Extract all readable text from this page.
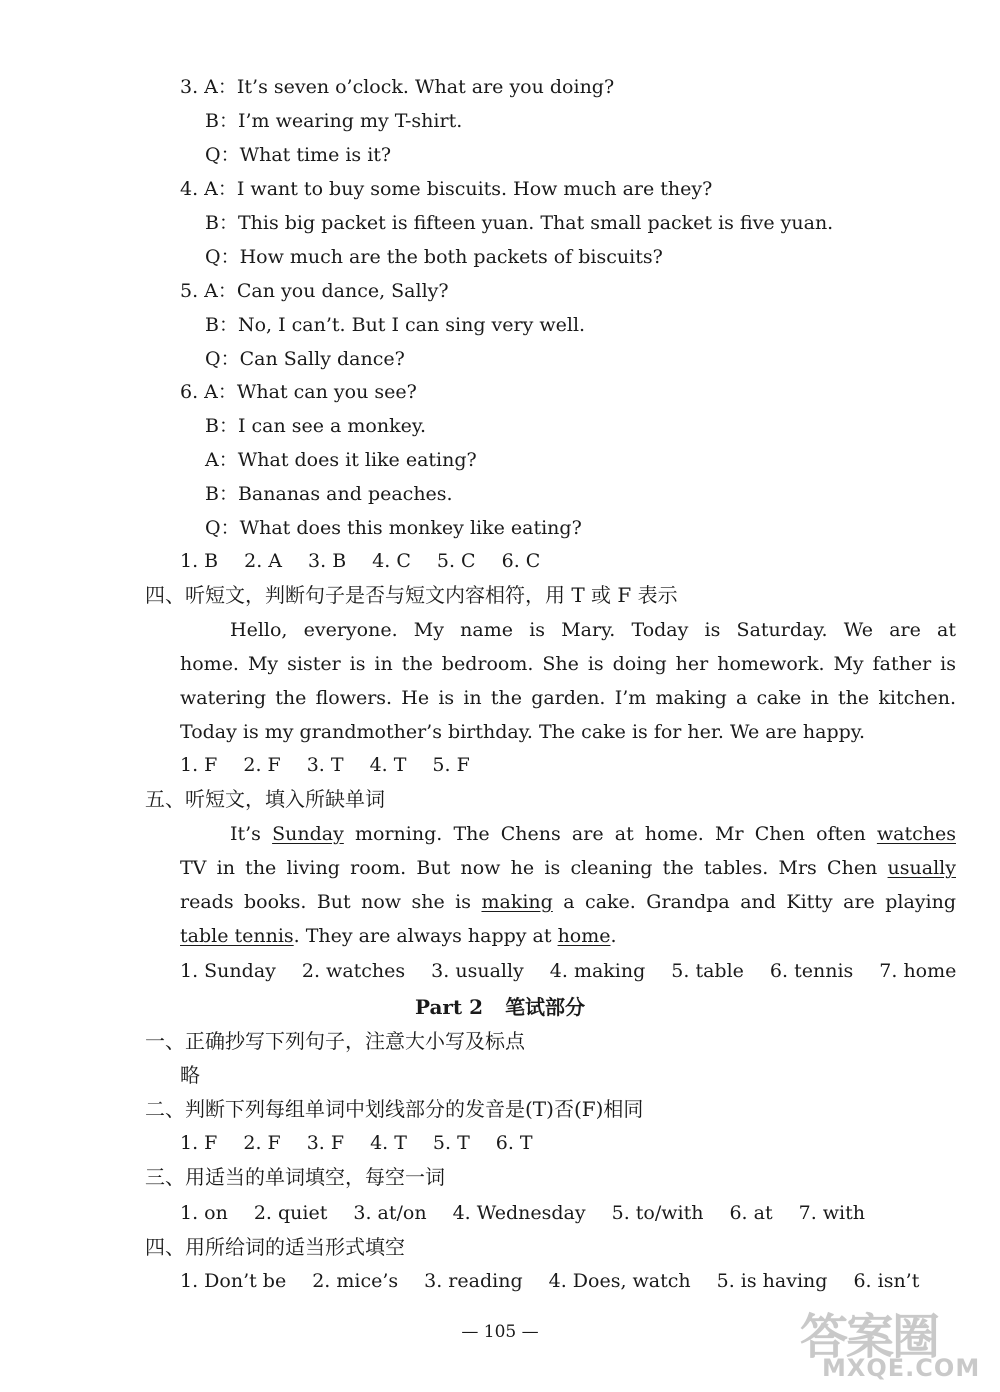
3. A：It’s seven o’clock. What are you doing?
B：I’m wearing my T-shirt.
Q：What time is it?
4. A：I want to buy some biscuits. How much are they?
B：This big packet is fifteen yuan. That small packet is five yuan.
Q：How much are the both packets of biscuits?
5. A：Can you dance, Sally?
B：No, I can’t. But I can sing very well.
Q：Can Sally dance?
6. A：What can you see?
B：I can see a monkey.
A：What does it like eating?
B：Bananas and peaches.
Q：What does this monkey like eating?
1. B 2. A 3. B 4. C 5. C 6. C
四、听短文，判断句子是否与短文内容相符，用 T 或 F 表示

Hello, everyone. My name is Mary. Today is Saturday. We are at

home. My sister is in the bedroom. She is doing her homework. My father is

watering the flowers. He is in the garden. I’m making a cake in the kitchen.

Today is my grandmother’s birthday. The cake is for her. We are happy.

1. F 2. F 3. T 4. T 5. F
五、听短文，填入所缺单词

It’s Sunday morning. The Chens are at home. Mr Chen often watches

TV in the living room. But now he is cleaning the tables. Mrs Chen usually

reads books. But now she is making a cake. Grandpa and Kitty are playing

table tennis. They are always happy at home.

1. Sunday 2. watches 3. usually 4. making 5. table 6. tennis 7. home
Part 2 笔试部分
一、正确抄写下列句子，注意大小写及标点
略
二、判断下列每组单词中划线部分的发音是(T)否(F)相同
1. F 2. F 3. F 4. T 5. T 6. T
三、用适当的单词填空，每空一词
1. on 2. quiet 3. at/on 4. Wednesday 5. to/with 6. at 7. with
四、用所给词的适当形式填空
1. Don’t be 2. mice’s 3. reading 4. Does, watch 5. is having 6. isn’t
— 105 —	答案圈
MXQE.COM
